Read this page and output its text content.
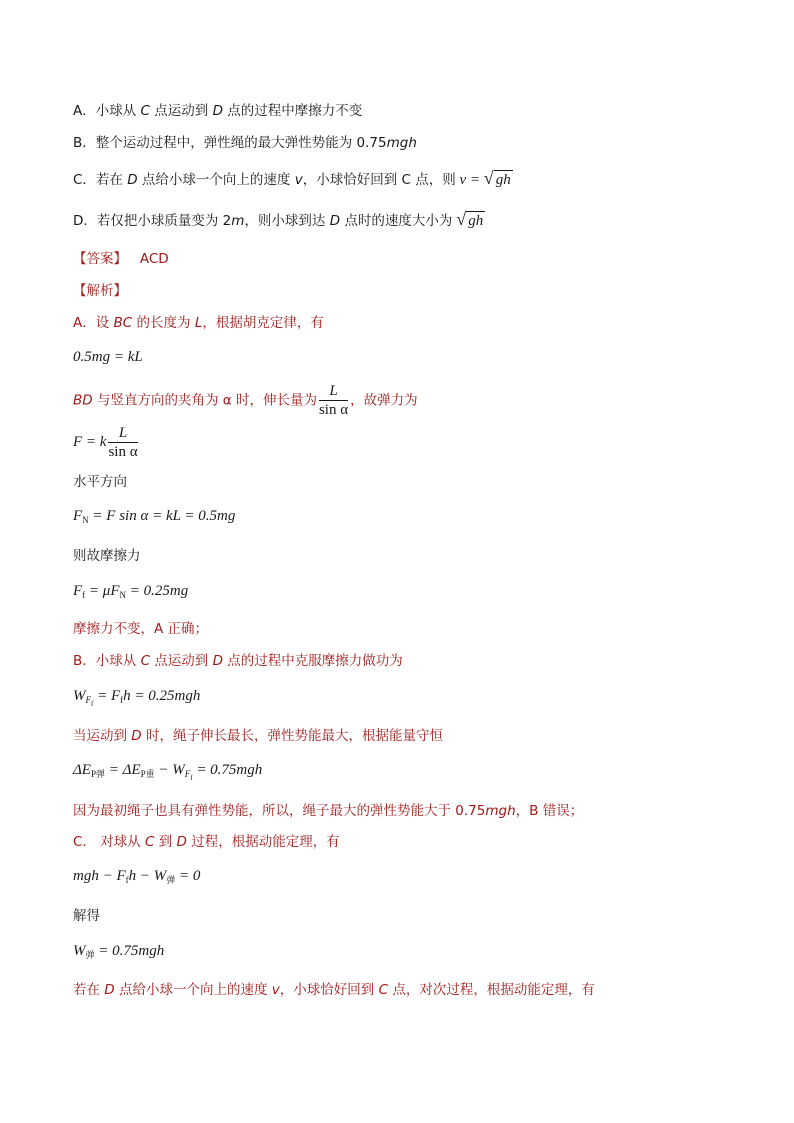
A．小球从 C 点运动到 D 点的过程中摩擦力不变
B．整个运动过程中，弹性绳的最大弹性势能为 0.75mgh
C．若在 D 点给小球一个向上的速度 v，小球恰好回到 C 点，则 v = √ gh
D．若仅把小球质量变为 2m，则小球到达 D 点时的速度大小为 √ gh
【答案】 ACD
【解析】
A．设 BC 的长度为 L，根据胡克定律，有
0.5mg = kL
BD 与竖直方向的夹角为 α 时，伸长量为 $\frac{L}{\text{sin α}}$ ，故弹力为
F = k $\frac{L}{\text{sin α}}$
水平方向
$F_N = F$ sin α = kL = 0.5mg
则故摩擦力
$F_f = \mu F_N = 0.25mg$
摩擦力不变，A 正确；
B．小球从 C 点运动到 D 点的过程中克服摩擦力做功为
$W_{F_f} = F_fh = 0.25mgh$
当运动到 D 时，绳子伸长最长，弹性势能最大，根据能量守恒
$\Delta E_{P弹} = \Delta E_{P重} - W_{F_f} = 0.75mgh$
因为最初绳子也具有弹性势能，所以，绳子最大的弹性势能大于 0.75mgh，B 错误；
C． 对球从 C 到 D 过程，根据动能定理，有
mgh − $F_fh - W_弹 = 0$
解得
$W_弹 = 0.75mgh$
若在 D 点给小球一个向上的速度 v，小球恰好回到 C 点，对次过程，根据动能定理，有
